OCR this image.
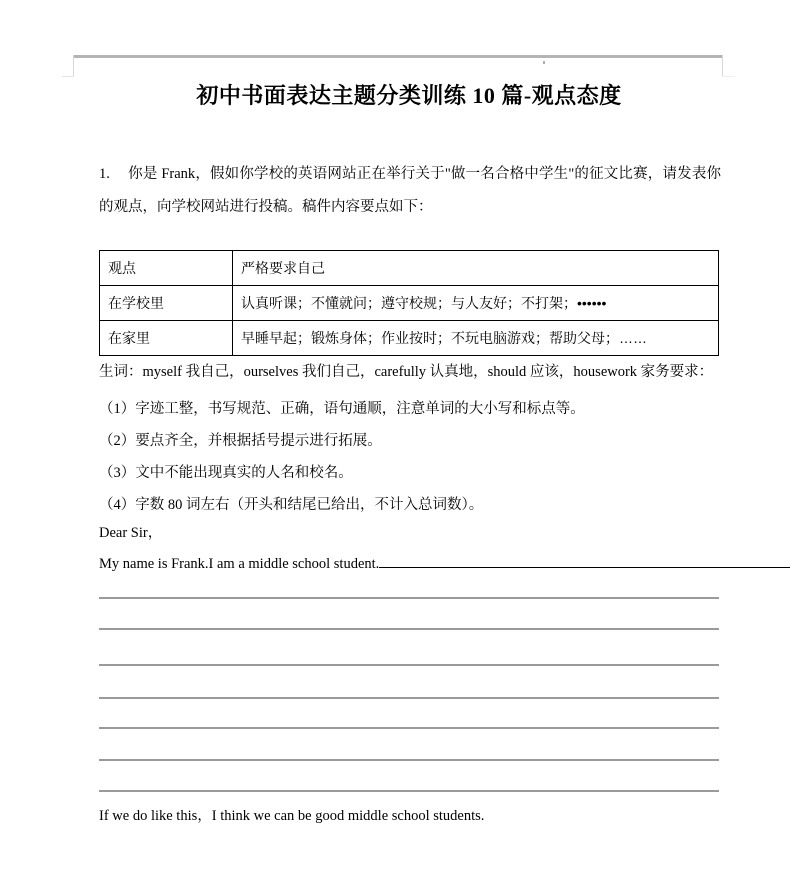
初中书面表达主题分类训练 10 篇-观点态度
1. 你是 Frank，假如你学校的英语网站正在举行关于"做一名合格中学生"的征文比赛，请发表你的观点，向学校网站进行投稿。稿件内容要点如下：
观点	严格要求自己
在学校里	认真听课；不懂就问；遵守校规；与人友好；不打架；••••••
在家里	早睡早起；锻炼身体；作业按时；不玩电脑游戏；帮助父母；……
生词：myself 我自己，ourselves 我们自己，carefully 认真地，should 应该，housework 家务要求：
（1）字迹工整，书写规范、正确，语句通顺，注意单词的大小写和标点等。
（2）要点齐全，并根据括号提示进行拓展。
（3）文中不能出现真实的人名和校名。
（4）字数 80 词左右（开头和结尾已给出，不计入总词数）。
Dear Sir，
My name is Frank.I am a middle school student.
If we do like this，I think we can be good middle school students.
